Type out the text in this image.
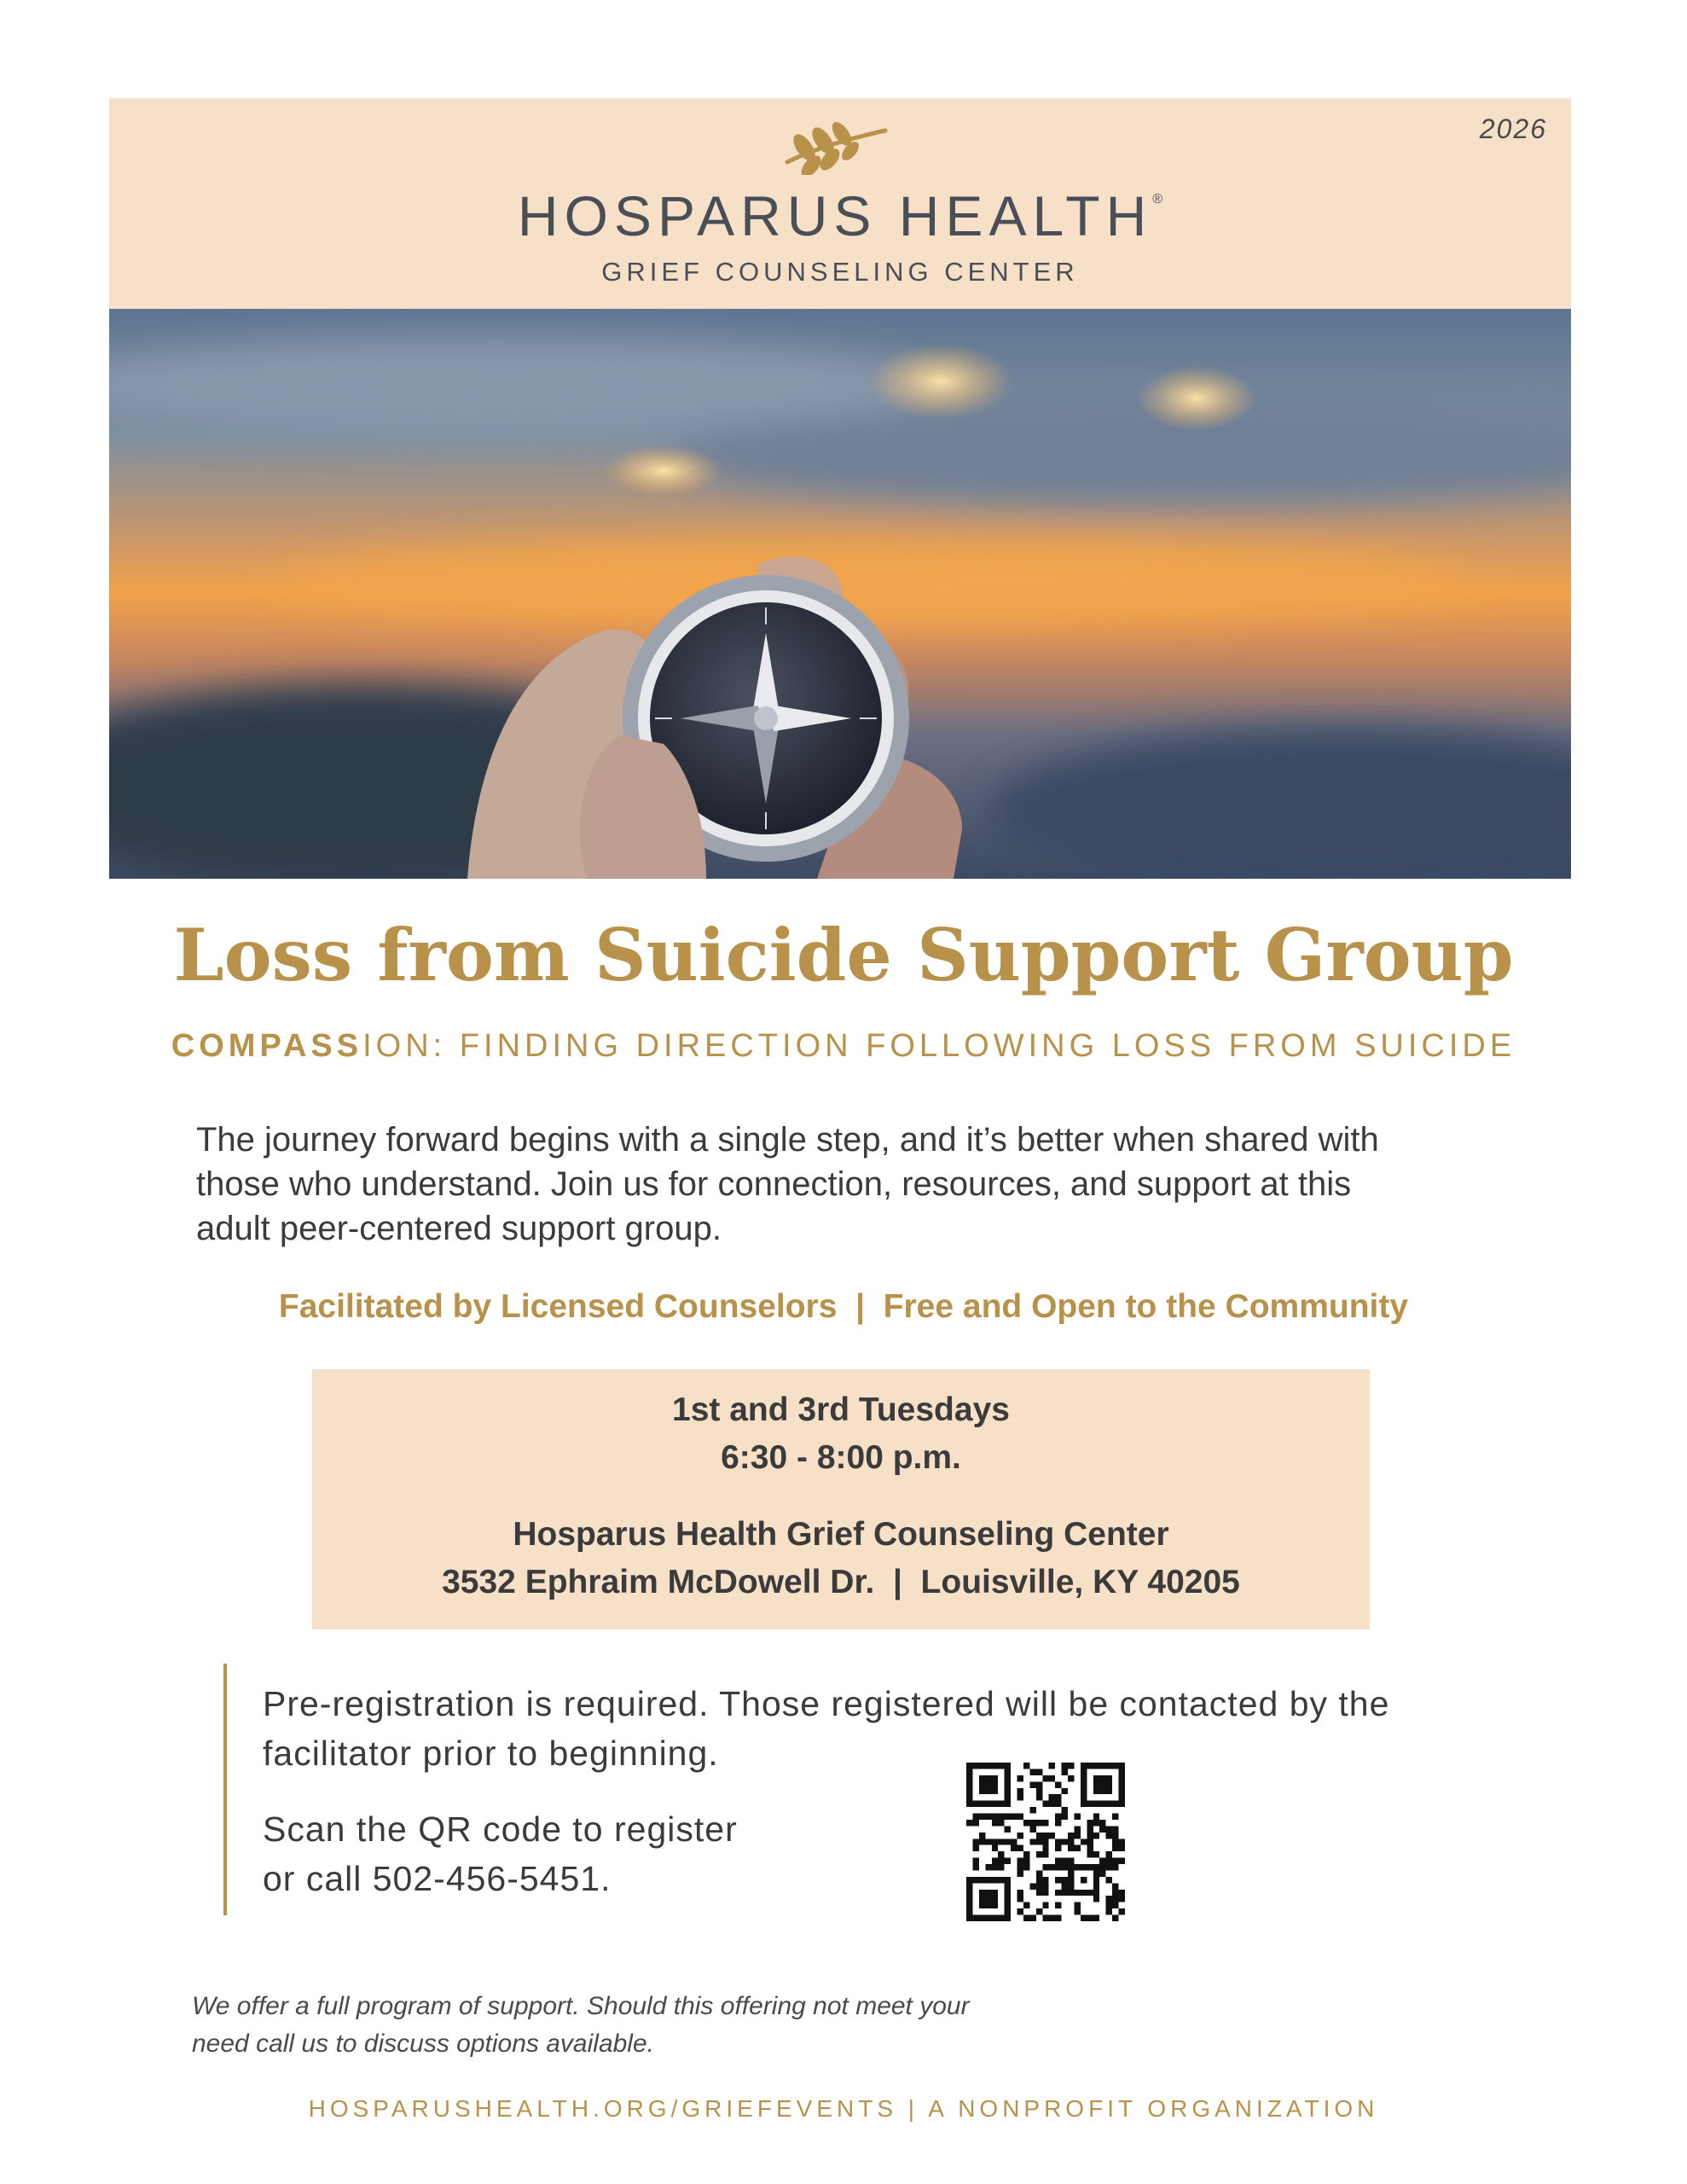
2026
HOSPARUS HEALTH®
GRIEF COUNSELING CENTER
Loss from Suicide Support Group
COMPASSION: FINDING DIRECTION FOLLOWING LOSS FROM SUICIDE
The journey forward begins with a single step, and it’s better when shared with
those who understand. Join us for connection, resources, and support at this
adult peer-centered support group.
Facilitated by Licensed Counselors  |  Free and Open to the Community
1st and 3rd Tuesdays
6:30 - 8:00 p.m.
Hosparus Health Grief Counseling Center
3532 Ephraim McDowell Dr.  |  Louisville, KY 40205
Pre-registration is required. Those registered will be contacted by the
facilitator prior to beginning.
Scan the QR code to register
or call 502-456-5451.
We offer a full program of support. Should this offering not meet your
need call us to discuss options available.
HOSPARUSHEALTH.ORG/GRIEFEVENTS | A NONPROFIT ORGANIZATION
